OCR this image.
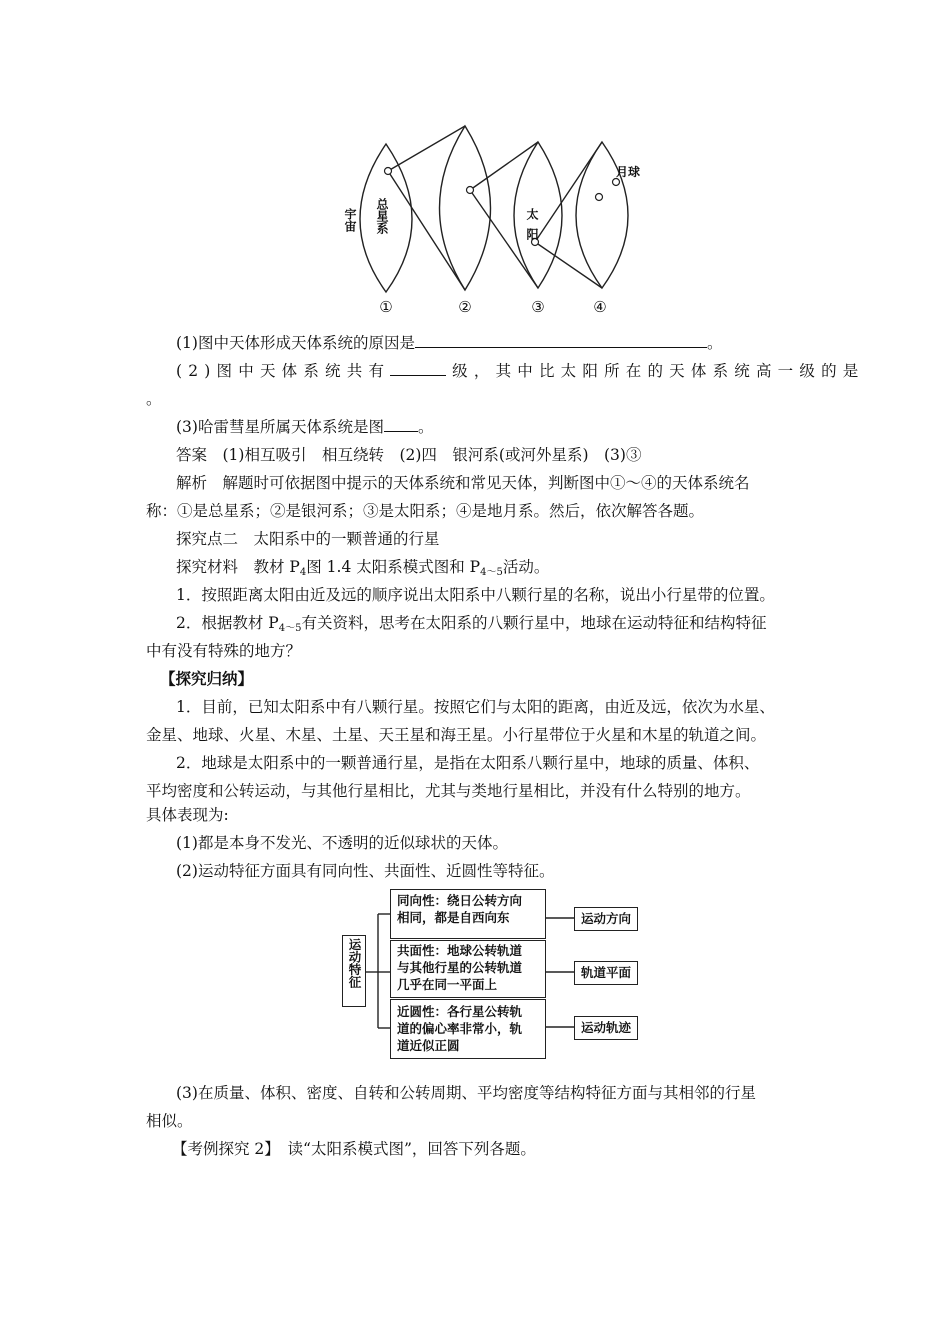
宇宙 总星系	太阳
月球
①	②	③	④
(1)图中天体形成天体系统的原因是	。
(2)图中天体系统共有	级，其中比太阳所在的天体系统高一级的是
。
(3)哈雷彗星所属天体系统是图 。
答案　(1)相互吸引　相互绕转　(2)四　银河系(或河外星系)　(3)③
解析　解题时可依据图中提示的天体系统和常见天体，判断图中①～④的天体系统名
称：①是总星系；②是银河系；③是太阳系；④是地月系。然后，依次解答各题。
探究点二　太阳系中的一颗普通的行星
探究材料　教材 $P_4$图 1.4 太阳系模式图和 $P_{4\sim 5}$活动。
1．按照距离太阳由近及远的顺序说出太阳系中八颗行星的名称，说出小行星带的位置。
2．根据教材 $P_{4\sim 5}$有关资料，思考在太阳系的八颗行星中，地球在运动特征和结构特征
中有没有特殊的地方？
【探究归纳】
1．目前，已知太阳系中有八颗行星。按照它们与太阳的距离，由近及远，依次为水星、
金星、地球、火星、木星、土星、天王星和海王星。小行星带位于火星和木星的轨道之间。
2．地球是太阳系中的一颗普通行星，是指在太阳系八颗行星中，地球的质量、体积、
平均密度和公转运动，与其他行星相比，尤其与类地行星相比，并没有什么特别的地方。
具体表现为:
(1)都是本身不发光、不透明的近似球状的天体。
(2)运动特征方面具有同向性、共面性、近圆性等特征。
运动特征
同向性：绕日公转方向
相同，都是自西向东
共面性：地球公转轨道
与其他行星的公转轨道
几乎在同一平面上
近圆性：各行星公转轨
道的偏心率非常小，轨
道近似正圆
运动方向
轨道平面
运动轨迹
(3)在质量、体积、密度、自转和公转周期、平均密度等结构特征方面与其相邻的行星
相似。
【考例探究 2】　读“太阳系模式图”，回答下列各题。
